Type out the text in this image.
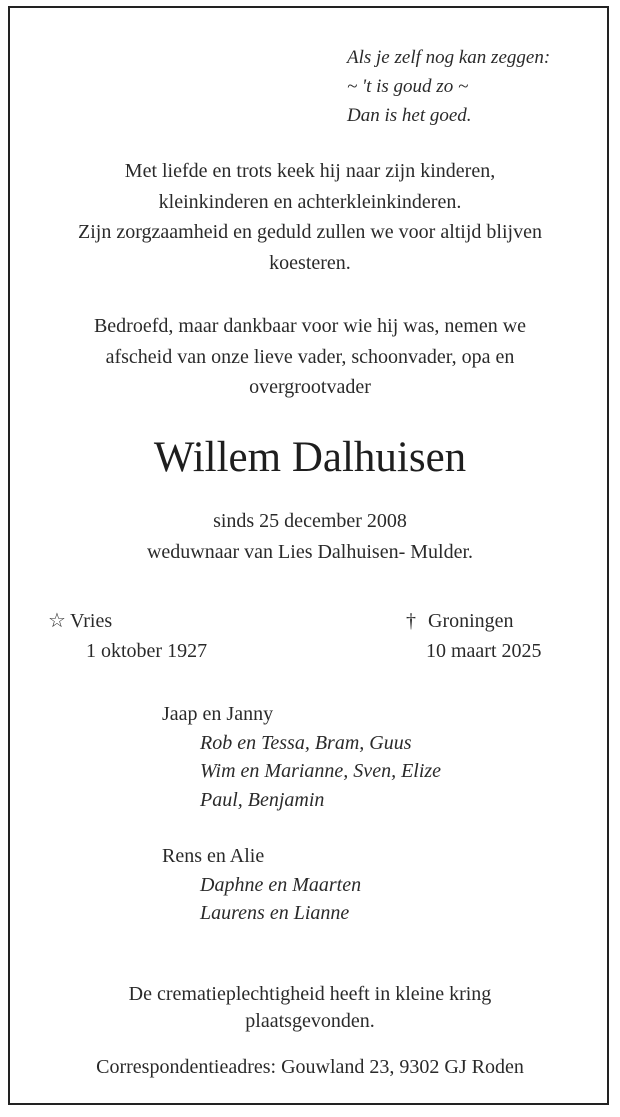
Als je zelf nog kan zeggen:
~ 't is goud zo ~
Dan is het goed.
Met liefde en trots keek hij naar zijn kinderen,
kleinkinderen en achterkleinkinderen.
Zijn zorgzaamheid en geduld zullen we voor altijd blijven
koesteren.
Bedroefd, maar dankbaar voor wie hij was, nemen we
afscheid van onze lieve vader, schoonvader, opa en
overgrootvader
Willem Dalhuisen
sinds 25 december 2008
weduwnaar van Lies Dalhuisen- Mulder.
☆ Vries
1 oktober 1927
† Groningen
10 maart 2025
Jaap en Janny
Rob en Tessa, Bram, Guus
Wim en Marianne, Sven, Elize
Paul, Benjamin
Rens en Alie
Daphne en Maarten
Laurens en Lianne
De crematieplechtigheid heeft in kleine kring
plaatsgevonden.
Correspondentieadres: Gouwland 23, 9302 GJ Roden
